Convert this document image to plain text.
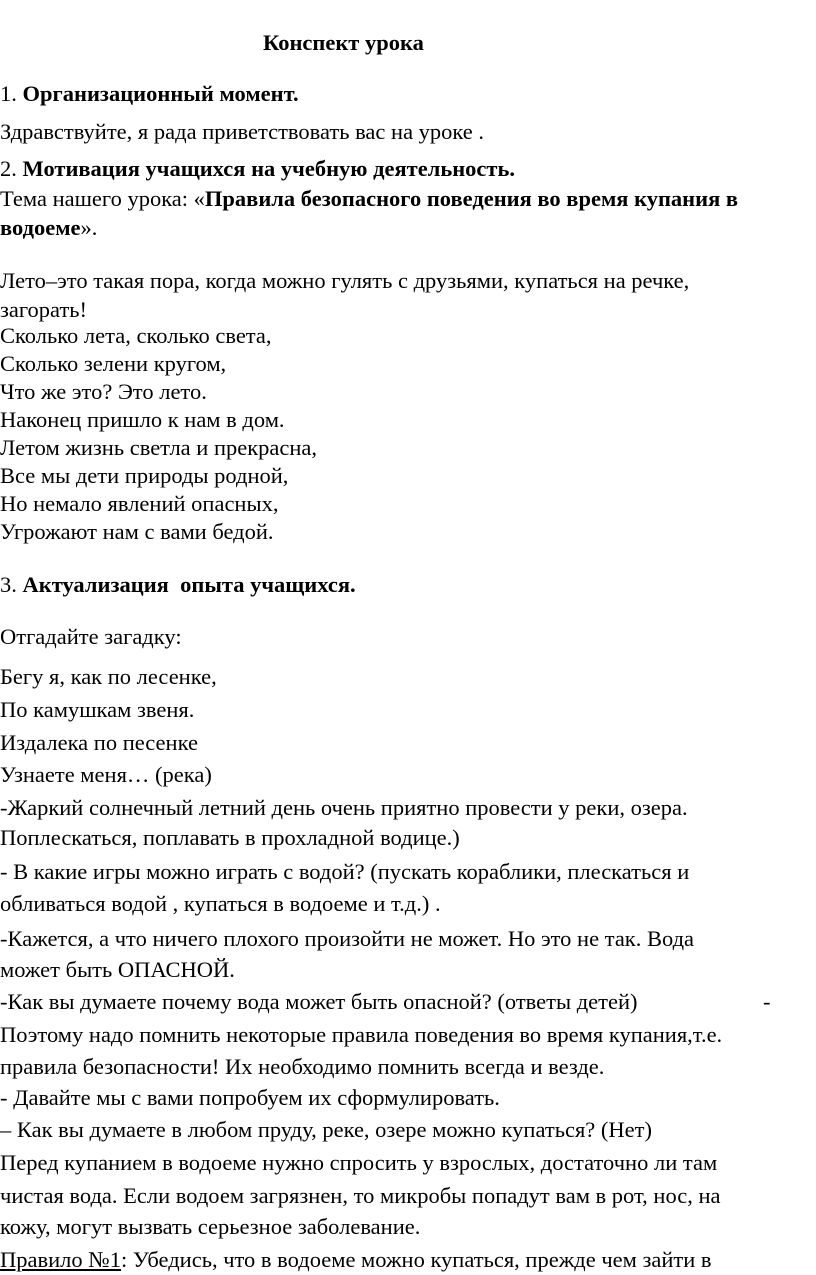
Конспект урока
1. Организационный момент.
Здравствуйте, я рада приветствовать вас на уроке .
2. Мотивация учащихся на учебную деятельность.
Тема нашего урока: «Правила безопасного поведения во время купания в
водоеме».
Лето–это такая пора, когда можно гулять с друзьями, купаться на речке,
загорать!
Сколько лета, сколько света,
Сколько зелени кругом,
Что же это? Это лето.
Наконец пришло к нам в дом.
Летом жизнь светла и прекрасна,
Все мы дети природы родной,
Но немало явлений опасных,
Угрожают нам с вами бедой.
3. Актуализация  опыта учащихся.
Отгадайте загадку:
Бегу я, как по лесенке,
По камушкам звеня.
Издалека по песенке
Узнаете меня… (река)
-Жаркий солнечный летний день очень приятно провести у реки, озера.
Поплескаться, поплавать в прохладной водице.)
- В какие игры можно играть с водой? (пускать кораблики, плескаться и
обливаться водой , купаться в водоеме и т.д.) .
-Кажется, а что ничего плохого произойти не может. Но это не так. Вода
может быть ОПАСНОЙ.
-Как вы думаете почему вода может быть опасной? (ответы детей)	-
Поэтому надо помнить некоторые правила поведения во время купания,т.е.
правила безопасности! Их необходимо помнить всегда и везде.
- Давайте мы с вами попробуем их сформулировать.
– Как вы думаете в любом пруду, реке, озере можно купаться? (Нет)
Перед купанием в водоеме нужно спросить у взрослых, достаточно ли там
чистая вода. Если водоем загрязнен, то микробы попадут вам в рот, нос, на
кожу, могут вызвать серьезное заболевание.
Правило №1: Убедись, что в водоеме можно купаться, прежде чем зайти в
